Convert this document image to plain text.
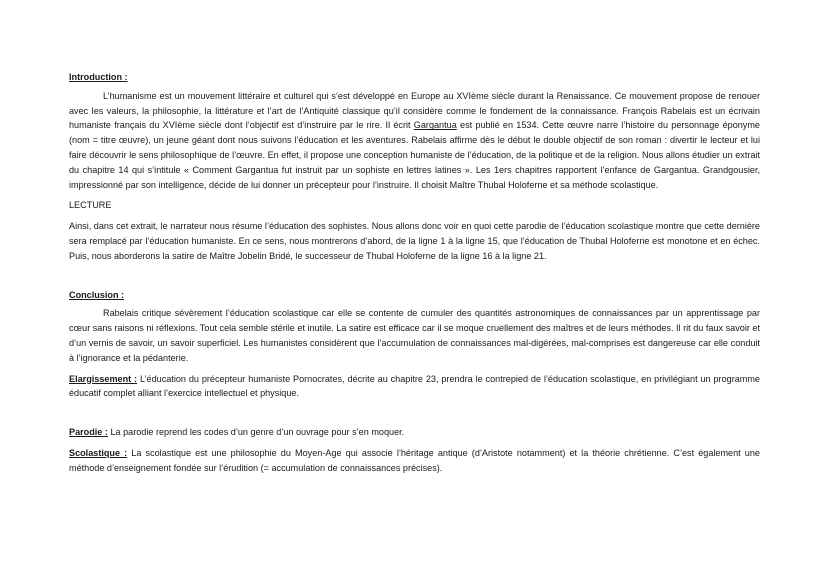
Introduction :

L’humanisme est un mouvement littéraire et culturel qui s’est développé en Europe au XVIème siècle durant la Renaissance. Ce mouvement propose de renouer avec les valeurs, la philosophie, la littérature et l’art de l’Antiquité classique qu’il considère comme le fondement de la connaissance. François Rabelais est un écrivain humaniste français du XVIème siècle dont l’objectif est d’instruire par le rire. Il écrit Gargantua est publié en 1534. Cette œuvre narre l’histoire du personnage éponyme (nom = titre œuvre), un jeune géant dont nous suivons l’éducation et les aventures. Rabelais affirme dès le début le double objectif de son roman : divertir le lecteur et lui faire découvrir le sens philosophique de l’œuvre. En effet, il propose une conception humaniste de l’éducation, de la politique et de la religion. Nous allons étudier un extrait du chapitre 14 qui s’intitule « Comment Gargantua fut instruit par un sophiste en lettres latines ». Les 1ers chapitres rapportent l’enfance de Gargantua. Grandgousier, impressionné par son intelligence, décide de lui donner un précepteur pour l’instruire. Il choisit Maître Thubal Holoferne et sa méthode scolastique.

LECTURE

Ainsi, dans cet extrait, le narrateur nous résume l’éducation des sophistes. Nous allons donc voir en quoi cette parodie de l’éducation scolastique montre que cette dernière sera remplacé par l’éducation humaniste. En ce sens, nous montrerons d’abord, de la ligne 1 à la ligne 15, que l’éducation de Thubal Holoferne est monotone et en échec. Puis, nous aborderons la satire de Maître Jobelin Bridé, le successeur de Thubal Holoferne de la ligne 16 à la ligne 21.

Conclusion :

Rabelais critique sévèrement l’éducation scolastique car elle se contente de cumuler des quantités astronomiques de connaissances par un apprentissage par cœur sans raisons ni réflexions. Tout cela semble stérile et inutile. La satire est efficace car il se moque cruellement des maîtres et de leurs méthodes. Il rit du faux savoir et d’un vernis de savoir, un savoir superficiel. Les humanistes considèrent que l’accumulation de connaissances mal-digérées, mal-comprises est dangereuse car elle conduit à l’ignorance et la pédanterie.

Elargissement : L’éducation du précepteur humaniste Pornocrates, décrite au chapitre 23, prendra le contrepied de l’éducation scolastique, en privilégiant un programme éducatif complet alliant l’exercice intellectuel et physique.

Parodie : La parodie reprend les codes d’un genre d’un ouvrage pour s’en moquer.

Scolastique : La scolastique est une philosophie du Moyen-Age qui associe l’héritage antique (d’Aristote notamment) et la théorie chrétienne. C’est également une méthode d’enseignement fondée sur l’érudition (= accumulation de connaissances précises).
